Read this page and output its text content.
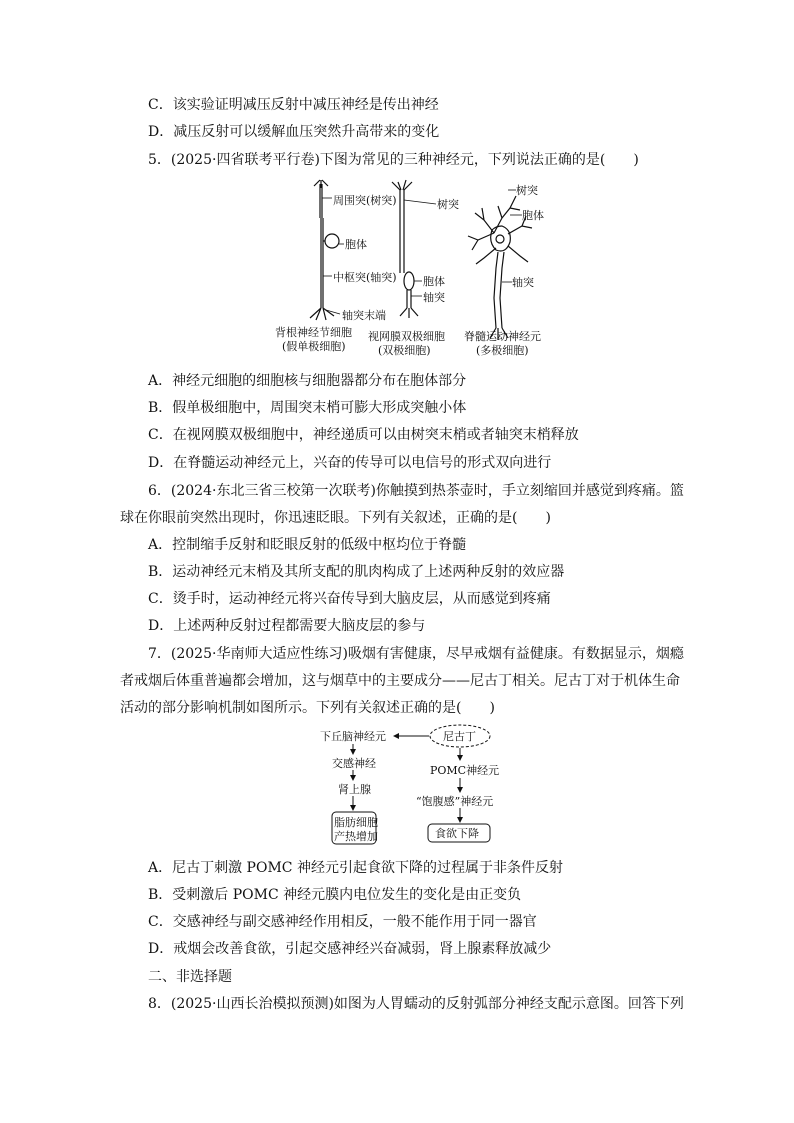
C．该实验证明减压反射中减压神经是传出神经
D．减压反射可以缓解血压突然升高带来的变化
5．(2025·四省联考平行卷)下图为常见的三种神经元，下列说法正确的是(　　)
周围突(树突)
胞体
中枢突(轴突)
轴突末端
背根神经节细胞
(假单极细胞)
树突
胞体
轴突
视网膜双极细胞
(双极细胞)
树突
胞体
轴突
脊髓运动神经元
(多极细胞)
A．神经元细胞的细胞核与细胞器都分布在胞体部分
B．假单极细胞中，周围突末梢可膨大形成突触小体
C．在视网膜双极细胞中，神经递质可以由树突末梢或者轴突末梢释放
D．在脊髓运动神经元上，兴奋的传导可以电信号的形式双向进行
6．(2024·东北三省三校第一次联考)你触摸到热茶壶时，手立刻缩回并感觉到疼痛。篮
球在你眼前突然出现时，你迅速眨眼。下列有关叙述，正确的是(　　)
A．控制缩手反射和眨眼反射的低级中枢均位于脊髓
B．运动神经元末梢及其所支配的肌肉构成了上述两种反射的效应器
C．烫手时，运动神经元将兴奋传导到大脑皮层，从而感觉到疼痛
D．上述两种反射过程都需要大脑皮层的参与
7．(2025·华南师大适应性练习)吸烟有害健康，尽早戒烟有益健康。有数据显示，烟瘾
者戒烟后体重普遍都会增加，这与烟草中的主要成分——尼古丁相关。尼古丁对于机体生命
活动的部分影响机制如图所示。下列有关叙述正确的是(　　)
下丘脑神经元	尼古丁
交感神经
肾上腺
脂肪细胞
产热增加
POMC神经元
“饱腹感”神经元
食欲下降
A．尼古丁刺激 POMC 神经元引起食欲下降的过程属于非条件反射
B．受刺激后 POMC 神经元膜内电位发生的变化是由正变负
C．交感神经与副交感神经作用相反，一般不能作用于同一器官
D．戒烟会改善食欲，引起交感神经兴奋减弱，肾上腺素释放减少
二、非选择题
8．(2025·山西长治模拟预测)如图为人胃蠕动的反射弧部分神经支配示意图。回答下列
